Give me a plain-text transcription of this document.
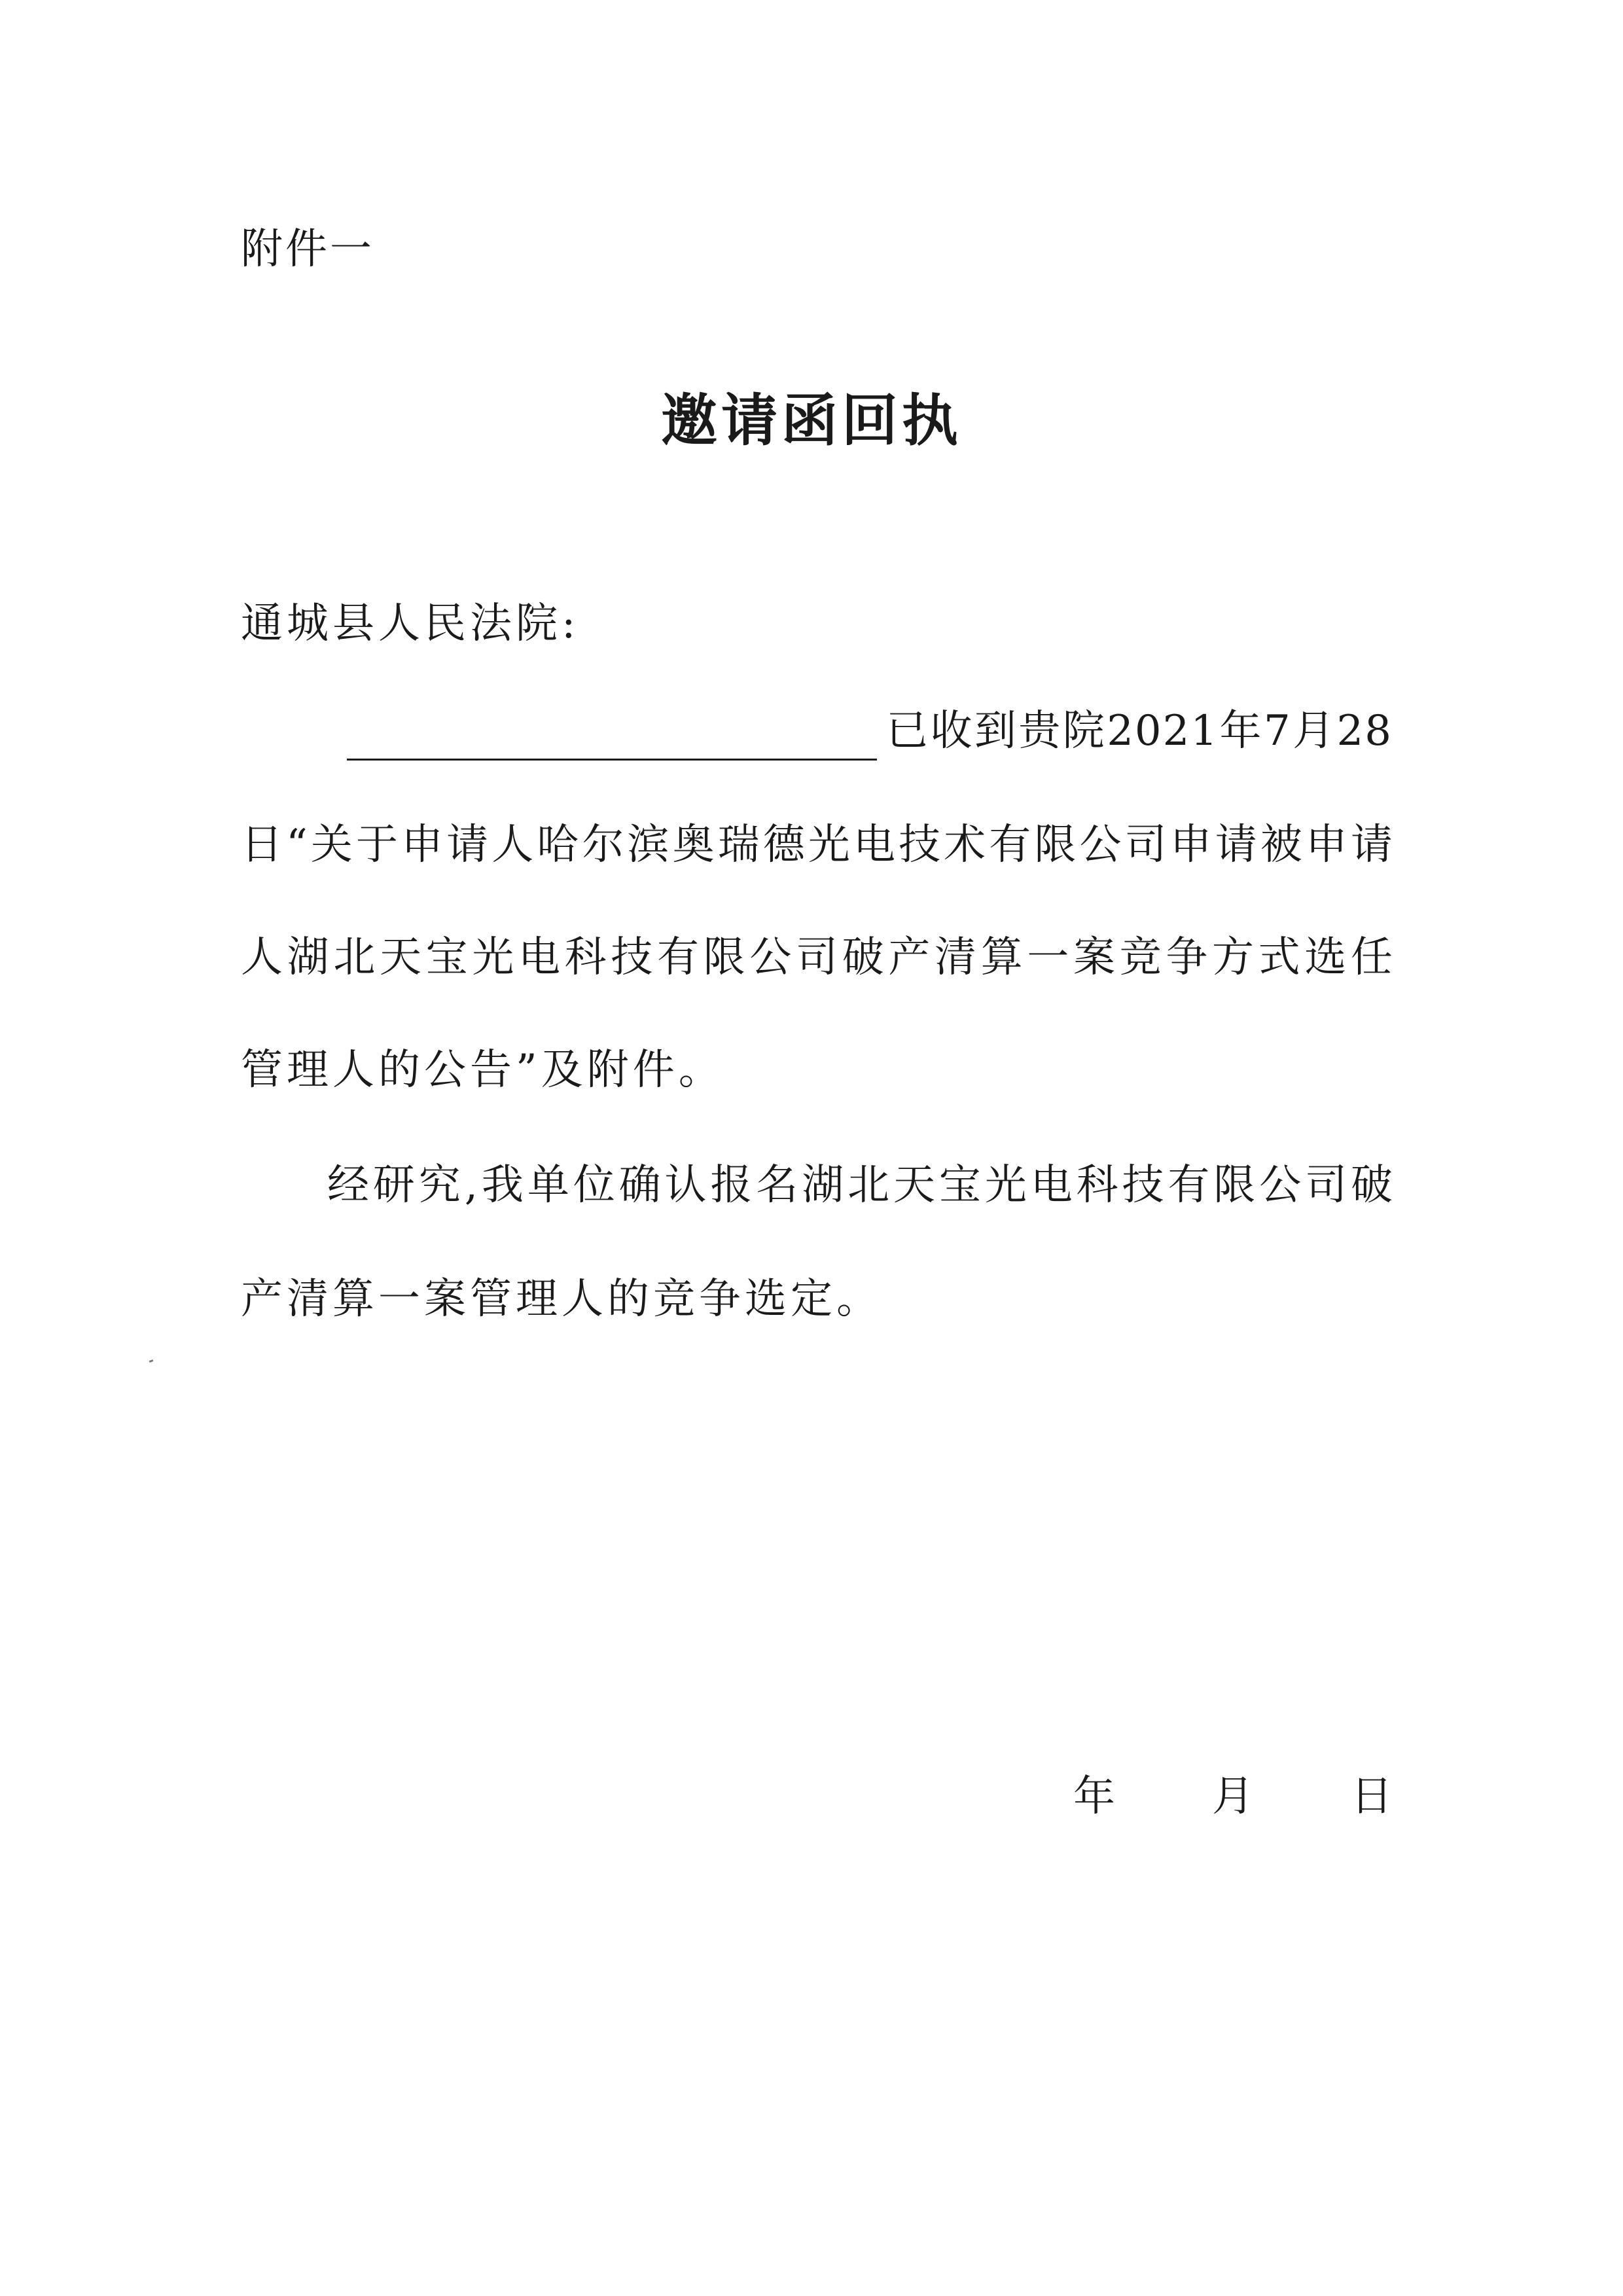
附件一
邀请函回执
通城县人民法院:
已收到贵院2021年7月28
日“关于申请人哈尔滨奥瑞德光电技术有限公司申请被申请
人湖北天宝光电科技有限公司破产清算一案竞争方式选任
管理人的公告”及附件。
经研究,我单位确认报名湖北天宝光电科技有限公司破
产清算一案管理人的竞争选定。
年 月 日
